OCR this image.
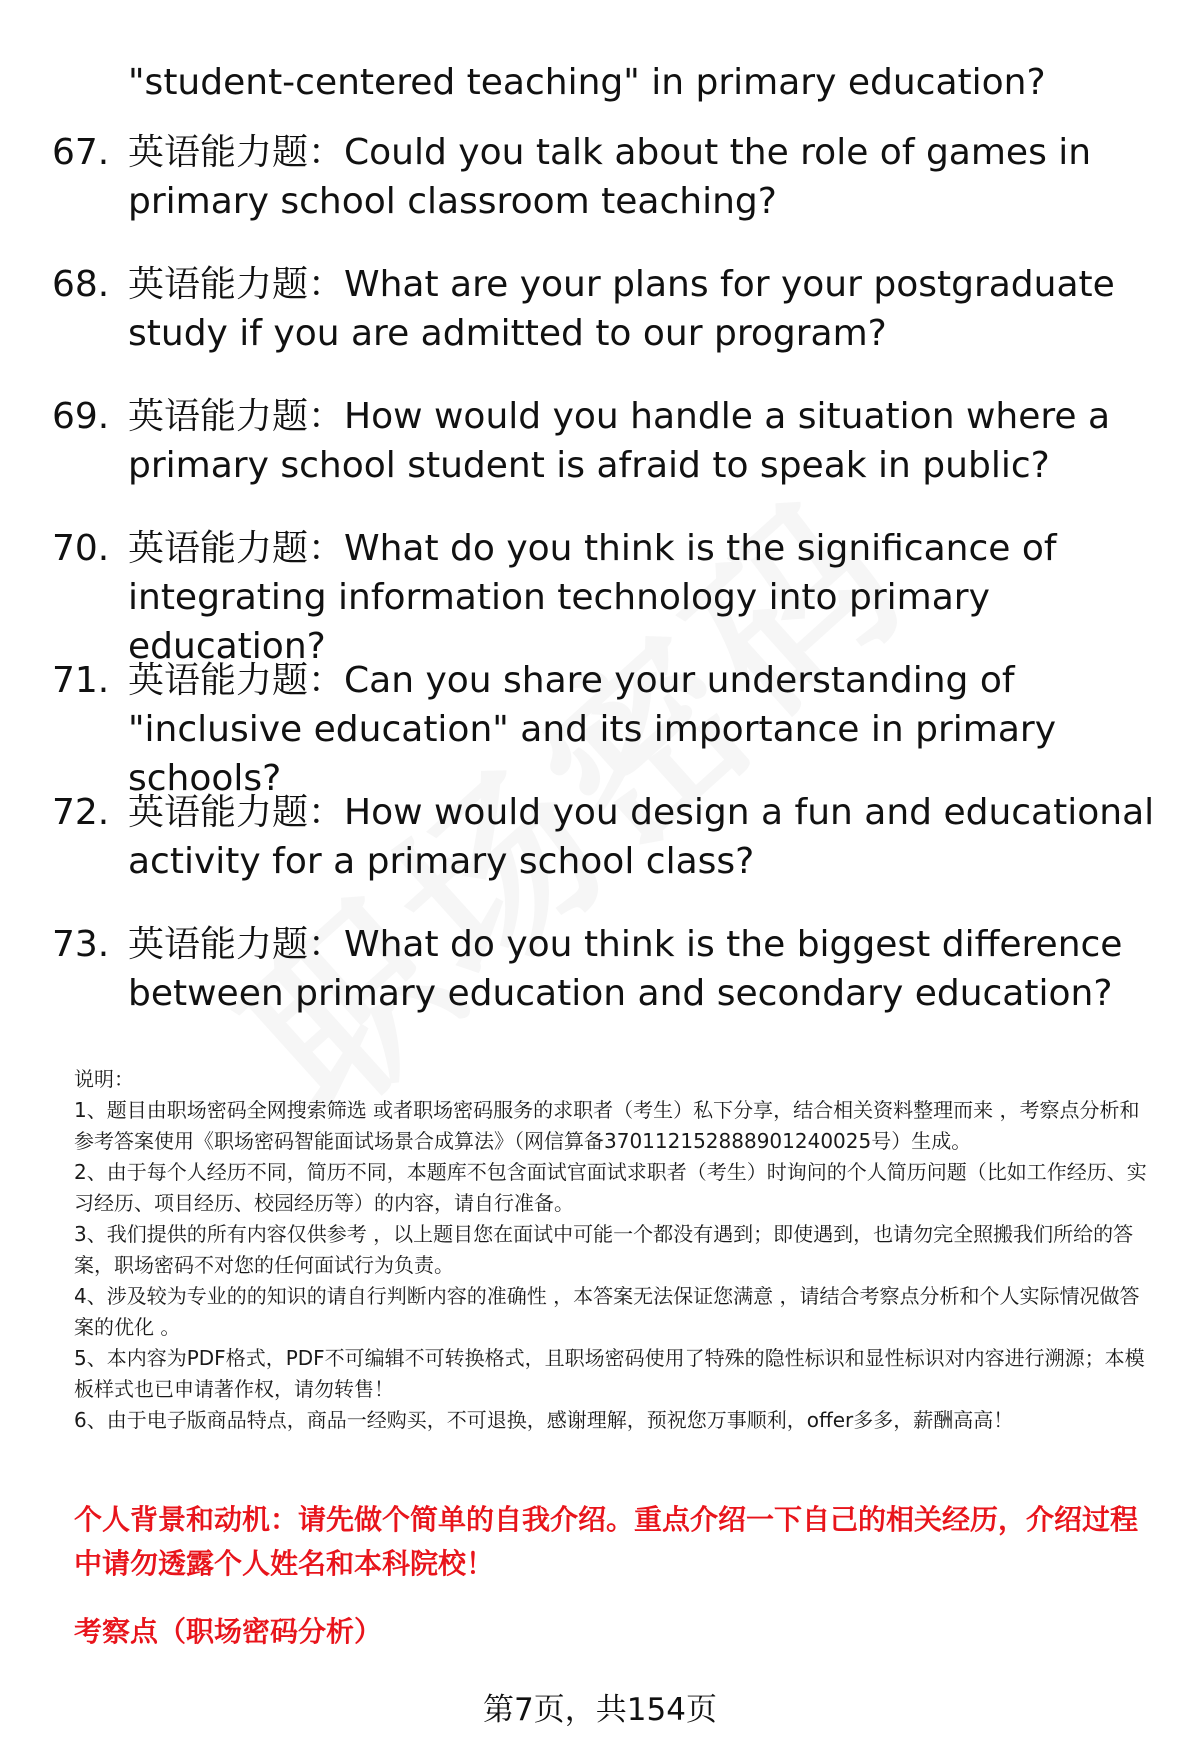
"student-centered teaching" in primary education?
67. 英语能力题：Could you talk about the role of games in primary school classroom teaching?
68. 英语能力题：What are your plans for your postgraduate study if you are admitted to our program?
69. 英语能力题：How would you handle a situation where a primary school student is afraid to speak in public?
70. 英语能力题：What do you think is the significance of integrating information technology into primary education?
71. 英语能力题：Can you share your understanding of "inclusive education" and its importance in primary schools?
72. 英语能力题：How would you design a fun and educational activity for a primary school class?
73. 英语能力题：What do you think is the biggest difference between primary education and secondary education?

说明：

1、题目由职场密码全网搜索筛选 或者职场密码服务的求职者（考生）私下分享，结合相关资料整理而来 ，考察点分析和参考答案使用《职场密码智能面试场景合成算法》（网信算备370112152888901240025号）生成。

2、由于每个人经历不同，简历不同，本题库不包含面试官面试求职者（考生）时询问的个人简历问题（比如工作经历、实习经历、项目经历、校园经历等）的内容，请自行准备。

3、我们提供的所有内容仅供参考 ，以上题目您在面试中可能一个都没有遇到；即使遇到，也请勿完全照搬我们所给的答案，职场密码不对您的任何面试行为负责。

4、涉及较为专业的的知识的请自行判断内容的准确性 ，本答案无法保证您满意 ，请结合考察点分析和个人实际情况做答案的优化 。

5、本内容为PDF格式，PDF不可编辑不可转换格式，且职场密码使用了特殊的隐性标识和显性标识对内容进行溯源；本模板样式也已申请著作权，请勿转售！

6、由于电子版商品特点，商品一经购买，不可退换，感谢理解，预祝您万事顺利，offer多多，薪酬高高！

个人背景和动机：请先做个简单的自我介绍。重点介绍一下自己的相关经历，介绍过程中请勿透露个人姓名和本科院校！
考察点（职场密码分析）
第7页，共154页
